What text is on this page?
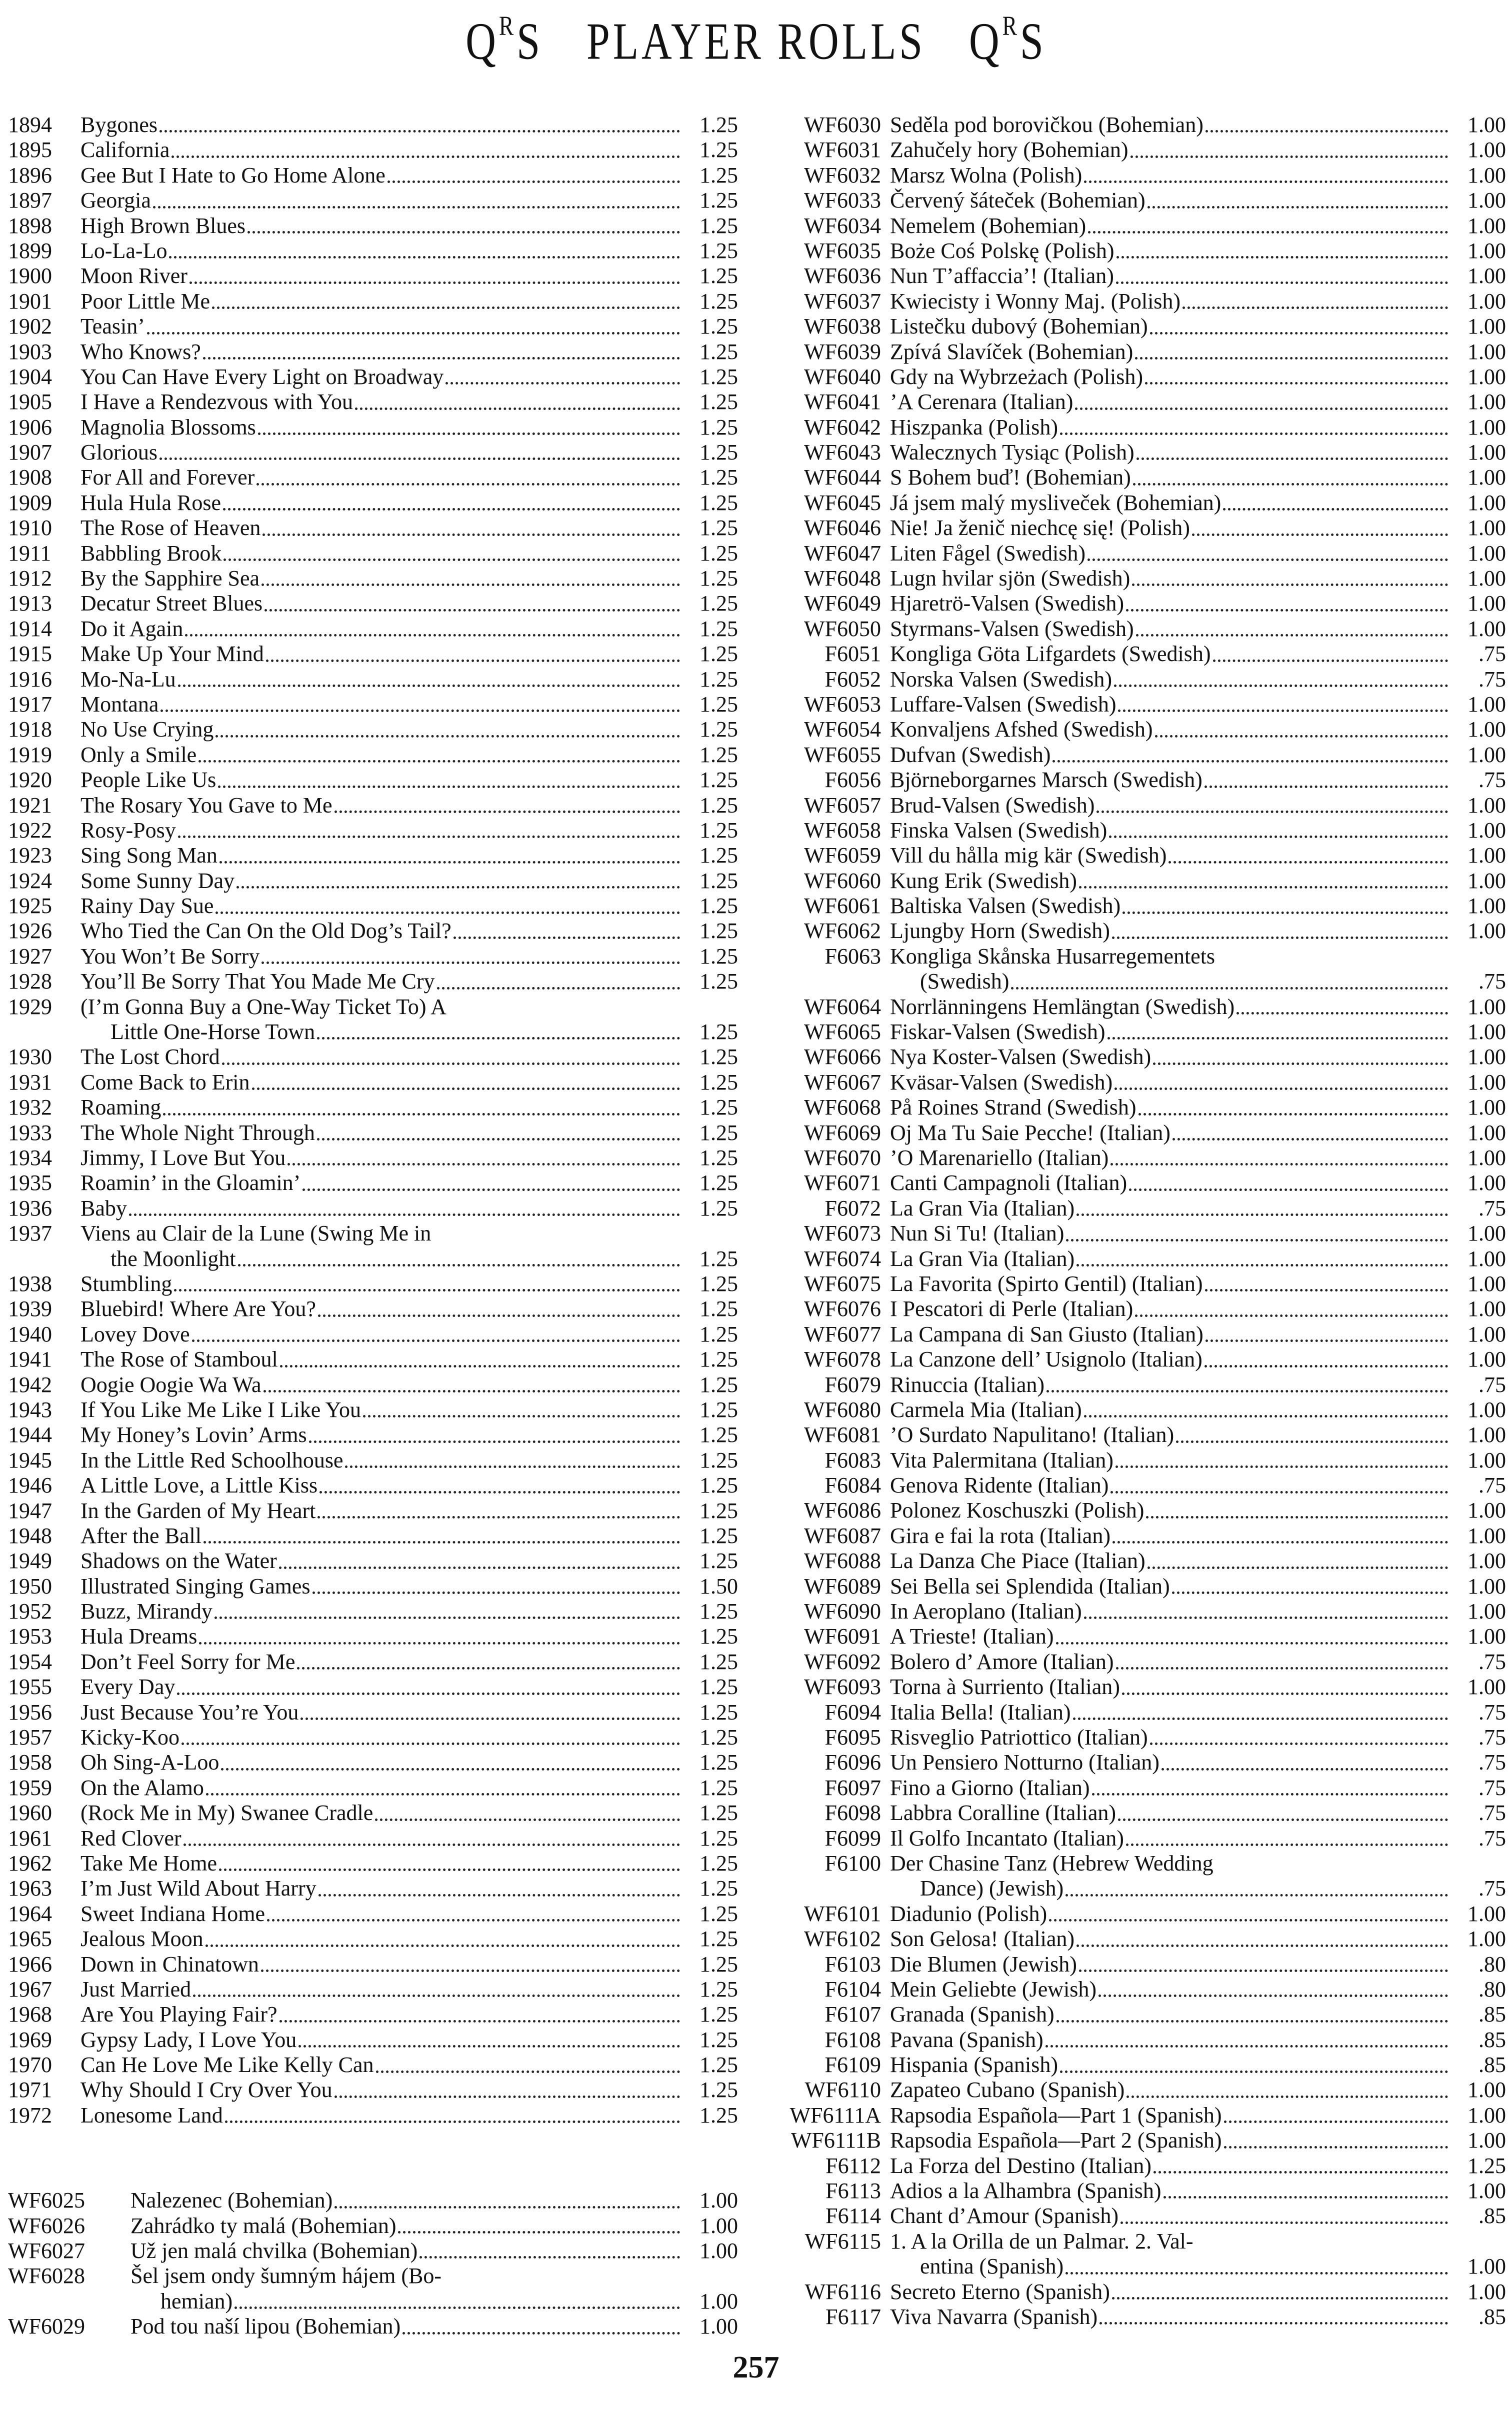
$Q^RS$ PLAYER ROLLS $Q^RS$
1894	Bygones	1.25
1895	California	1.25
1896	Gee But I Hate to Go Home Alone	1.25
1897	Georgia	1.25
1898	High Brown Blues	1.25
1899	Lo-La-Lo	1.25
1900	Moon River	1.25
1901	Poor Little Me	1.25
1902	Teasin’	1.25
1903	Who Knows?	1.25
1904	You Can Have Every Light on Broadway	1.25
1905	I Have a Rendezvous with You	1.25
1906	Magnolia Blossoms	1.25
1907	Glorious	1.25
1908	For All and Forever	1.25
1909	Hula Hula Rose	1.25
1910	The Rose of Heaven	1.25
1911	Babbling Brook	1.25
1912	By the Sapphire Sea	1.25
1913	Decatur Street Blues	1.25
1914	Do it Again	1.25
1915	Make Up Your Mind	1.25
1916	Mo-Na-Lu	1.25
1917	Montana	1.25
1918	No Use Crying	1.25
1919	Only a Smile	1.25
1920	People Like Us	1.25
1921	The Rosary You Gave to Me	1.25
1922	Rosy-Posy	1.25
1923	Sing Song Man	1.25
1924	Some Sunny Day	1.25
1925	Rainy Day Sue	1.25
1926	Who Tied the Can On the Old Dog’s Tail?	1.25
1927	You Won’t Be Sorry	1.25
1928	You’ll Be Sorry That You Made Me Cry	1.25
1929	(I’m Gonna Buy a One-Way Ticket To) A
Little One-Horse Town	1.25
1930	The Lost Chord	1.25
1931	Come Back to Erin	1.25
1932	Roaming	1.25
1933	The Whole Night Through	1.25
1934	Jimmy, I Love But You	1.25
1935	Roamin’ in the Gloamin’	1.25
1936	Baby	1.25
1937	Viens au Clair de la Lune (Swing Me in
the Moonlight	1.25
1938	Stumbling	1.25
1939	Bluebird! Where Are You?	1.25
1940	Lovey Dove	1.25
1941	The Rose of Stamboul	1.25
1942	Oogie Oogie Wa Wa	1.25
1943	If You Like Me Like I Like You	1.25
1944	My Honey’s Lovin’ Arms	1.25
1945	In the Little Red Schoolhouse	1.25
1946	A Little Love, a Little Kiss	1.25
1947	In the Garden of My Heart	1.25
1948	After the Ball	1.25
1949	Shadows on the Water	1.25
1950	Illustrated Singing Games	1.50
1952	Buzz, Mirandy	1.25
1953	Hula Dreams	1.25
1954	Don’t Feel Sorry for Me	1.25
1955	Every Day	1.25
1956	Just Because You’re You	1.25
1957	Kicky-Koo	1.25
1958	Oh Sing-A-Loo	1.25
1959	On the Alamo	1.25
1960	(Rock Me in My) Swanee Cradle	1.25
1961	Red Clover	1.25
1962	Take Me Home	1.25
1963	I’m Just Wild About Harry	1.25
1964	Sweet Indiana Home	1.25
1965	Jealous Moon	1.25
1966	Down in Chinatown	1.25
1967	Just Married	1.25
1968	Are You Playing Fair?	1.25
1969	Gypsy Lady, I Love You	1.25
1970	Can He Love Me Like Kelly Can	1.25
1971	Why Should I Cry Over You	1.25
1972	Lonesome Land	1.25
WF6025	Nalezenec (Bohemian)	1.00
WF6026	Zahrádko ty malá (Bohemian)	1.00
WF6027	Už jen malá chvilka (Bohemian)	1.00
WF6028	Šel jsem ondy šumným hájem (Bo-
hemian)	1.00
WF6029	Pod tou naší lipou (Bohemian)	1.00
WF6030 Seděla pod borovičkou (Bohemian)	1.00
WF6031 Zahučely hory (Bohemian)	1.00
WF6032 Marsz Wolna (Polish)	1.00
WF6033 Červený šáteček (Bohemian)	1.00
WF6034 Nemelem (Bohemian)	1.00
WF6035 Boże Coś Polskę (Polish)	1.00
WF6036 Nun T’affaccia’! (Italian)	1.00
WF6037 Kwiecisty i Wonny Maj. (Polish)	1.00
WF6038 Listečku dubový (Bohemian)	1.00
WF6039 Zpívá Slavíček (Bohemian)	1.00
WF6040 Gdy na Wybrzeżach (Polish)	1.00
WF6041 ’A Cerenara (Italian)	1.00
WF6042 Hiszpanka (Polish)	1.00
WF6043 Walecznych Tysiąc (Polish)	1.00
WF6044 S Bohem buď! (Bohemian)	1.00
WF6045 Já jsem malý mysliveček (Bohemian)	1.00
WF6046 Nie! Ja ženič niechcę się! (Polish)	1.00
WF6047 Liten Fågel (Swedish)	1.00
WF6048 Lugn hvilar sjön (Swedish)	1.00
WF6049 Hjaretrö-Valsen (Swedish)	1.00
WF6050 Styrmans-Valsen (Swedish)	1.00
F6051 Kongliga Göta Lifgardets (Swedish)	.75
F6052 Norska Valsen (Swedish)	.75
WF6053 Luffare-Valsen (Swedish)	1.00
WF6054 Konvaljens Afshed (Swedish)	1.00
WF6055 Dufvan (Swedish)	1.00
F6056 Björneborgarnes Marsch (Swedish)	.75
WF6057 Brud-Valsen (Swedish)	1.00
WF6058 Finska Valsen (Swedish)	1.00
WF6059 Vill du hålla mig kär (Swedish)	1.00
WF6060 Kung Erik (Swedish)	1.00
WF6061 Baltiska Valsen (Swedish)	1.00
WF6062 Ljungby Horn (Swedish)	1.00
F6063 Kongliga Skånska Husarregementets
(Swedish)	.75
WF6064 Norrlänningens Hemlängtan (Swedish)	1.00
WF6065 Fiskar-Valsen (Swedish)	1.00
WF6066 Nya Koster-Valsen (Swedish)	1.00
WF6067 Kväsar-Valsen (Swedish)	1.00
WF6068 På Roines Strand (Swedish)	1.00
WF6069 Oj Ma Tu Saie Pecche! (Italian)	1.00
WF6070 ’O Marenariello (Italian)	1.00
WF6071 Canti Campagnoli (Italian)	1.00
F6072 La Gran Via (Italian)	.75
WF6073 Nun Si Tu! (Italian)	1.00
WF6074 La Gran Via (Italian)	1.00
WF6075 La Favorita (Spirto Gentil) (Italian)	1.00
WF6076 I Pescatori di Perle (Italian)	1.00
WF6077 La Campana di San Giusto (Italian)	1.00
WF6078 La Canzone dell’ Usignolo (Italian)	1.00
F6079 Rinuccia (Italian)	.75
WF6080 Carmela Mia (Italian)	1.00
WF6081 ’O Surdato Napulitano! (Italian)	1.00
F6083 Vita Palermitana (Italian)	1.00
F6084 Genova Ridente (Italian)	.75
WF6086 Polonez Koschuszki (Polish)	1.00
WF6087 Gira e fai la rota (Italian)	1.00
WF6088 La Danza Che Piace (Italian)	1.00
WF6089 Sei Bella sei Splendida (Italian)	1.00
WF6090 In Aeroplano (Italian)	1.00
WF6091 A Trieste! (Italian)	1.00
WF6092 Bolero d’ Amore (Italian)	.75
WF6093 Torna à Surriento (Italian)	1.00
F6094 Italia Bella! (Italian)	.75
F6095 Risveglio Patriottico (Italian)	.75
F6096 Un Pensiero Notturno (Italian)	.75
F6097 Fino a Giorno (Italian)	.75
F6098 Labbra Coralline (Italian)	.75
F6099 Il Golfo Incantato (Italian)	.75
F6100 Der Chasine Tanz (Hebrew Wedding
Dance) (Jewish)	.75
WF6101 Diadunio (Polish)	1.00
WF6102 Son Gelosa! (Italian)	1.00
F6103 Die Blumen (Jewish)	.80
F6104 Mein Geliebte (Jewish)	.80
F6107 Granada (Spanish)	.85
F6108 Pavana (Spanish)	.85
F6109 Hispania (Spanish)	.85
WF6110 Zapateo Cubano (Spanish)	1.00
WF6111A Rapsodia Española—Part 1 (Spanish)	1.00
WF6111B Rapsodia Española—Part 2 (Spanish)	1.00
F6112 La Forza del Destino (Italian)	1.25
F6113 Adios a la Alhambra (Spanish)	1.00
F6114 Chant d’Amour (Spanish)	.85
WF6115 1. A la Orilla de un Palmar. 2. Val-
entina (Spanish)	1.00
WF6116 Secreto Eterno (Spanish)	1.00
F6117 Viva Navarra (Spanish)	.85
257
